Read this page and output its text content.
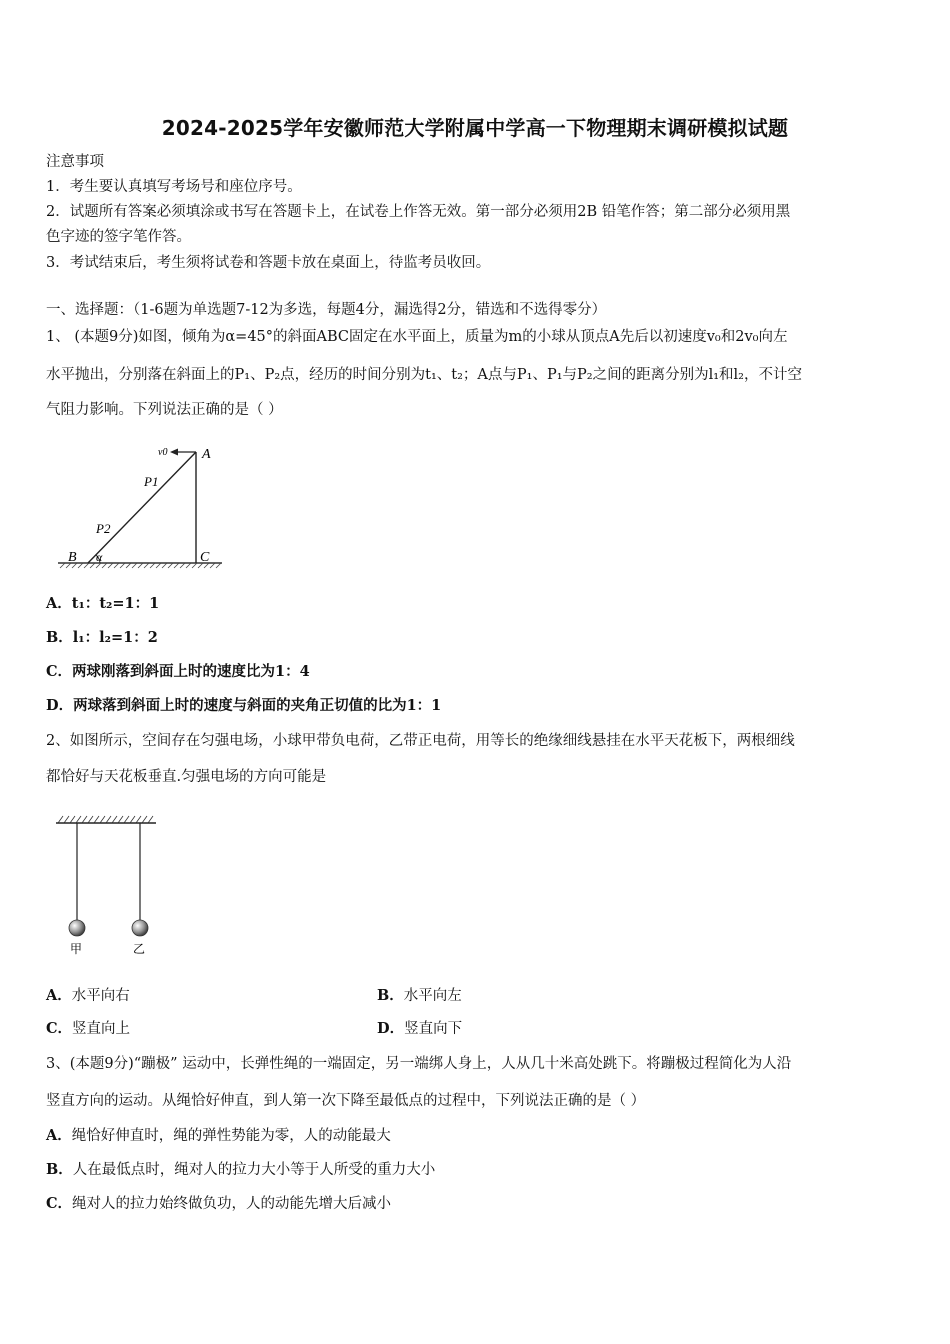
2024-2025学年安徽师范大学附属中学高一下物理期末调研模拟试题
注意事项
1．考生要认真填写考场号和座位序号。
2．试题所有答案必须填涂或书写在答题卡上，在试卷上作答无效。第一部分必须用2B 铅笔作答；第二部分必须用黑
色字迹的签字笔作答。
3．考试结束后，考生须将试卷和答题卡放在桌面上，待监考员收回。
一、选择题：（1-6题为单选题7-12为多选，每题4分，漏选得2分，错选和不选得零分）
1、 (本题9分)如图，倾角为α=45°的斜面ABC固定在水平面上，质量为m的小球从顶点A先后以初速度v₀和2v₀向左
水平抛出，分别落在斜面上的P₁、P₂点，经历的时间分别为t₁、t₂；A点与P₁、P₁与P₂之间的距离分别为l₁和l₂，不计空
气阻力影响。下列说法正确的是（ ）
v0 A
P1
P2
B α	C
A．t₁：t₂=1：1
B．l₁：l₂=1：2
C．两球刚落到斜面上时的速度比为1：4
D．两球落到斜面上时的速度与斜面的夹角正切值的比为1：1
2、如图所示，空间存在匀强电场，小球甲带负电荷，乙带正电荷，用等长的绝缘细线悬挂在水平天花板下，两根细线
都恰好与天花板垂直.匀强电场的方向可能是
甲	乙
A．水平向右	B．水平向左
C．竖直向上	D．竖直向下
3、(本题9分)“蹦极” 运动中，长弹性绳的一端固定，另一端绑人身上，人从几十米高处跳下。将蹦极过程简化为人沿
竖直方向的运动。从绳恰好伸直，到人第一次下降至最低点的过程中，下列说法正确的是（ ）
A．绳恰好伸直时，绳的弹性势能为零，人的动能最大
B．人在最低点时，绳对人的拉力大小等于人所受的重力大小
C．绳对人的拉力始终做负功，人的动能先增大后减小
